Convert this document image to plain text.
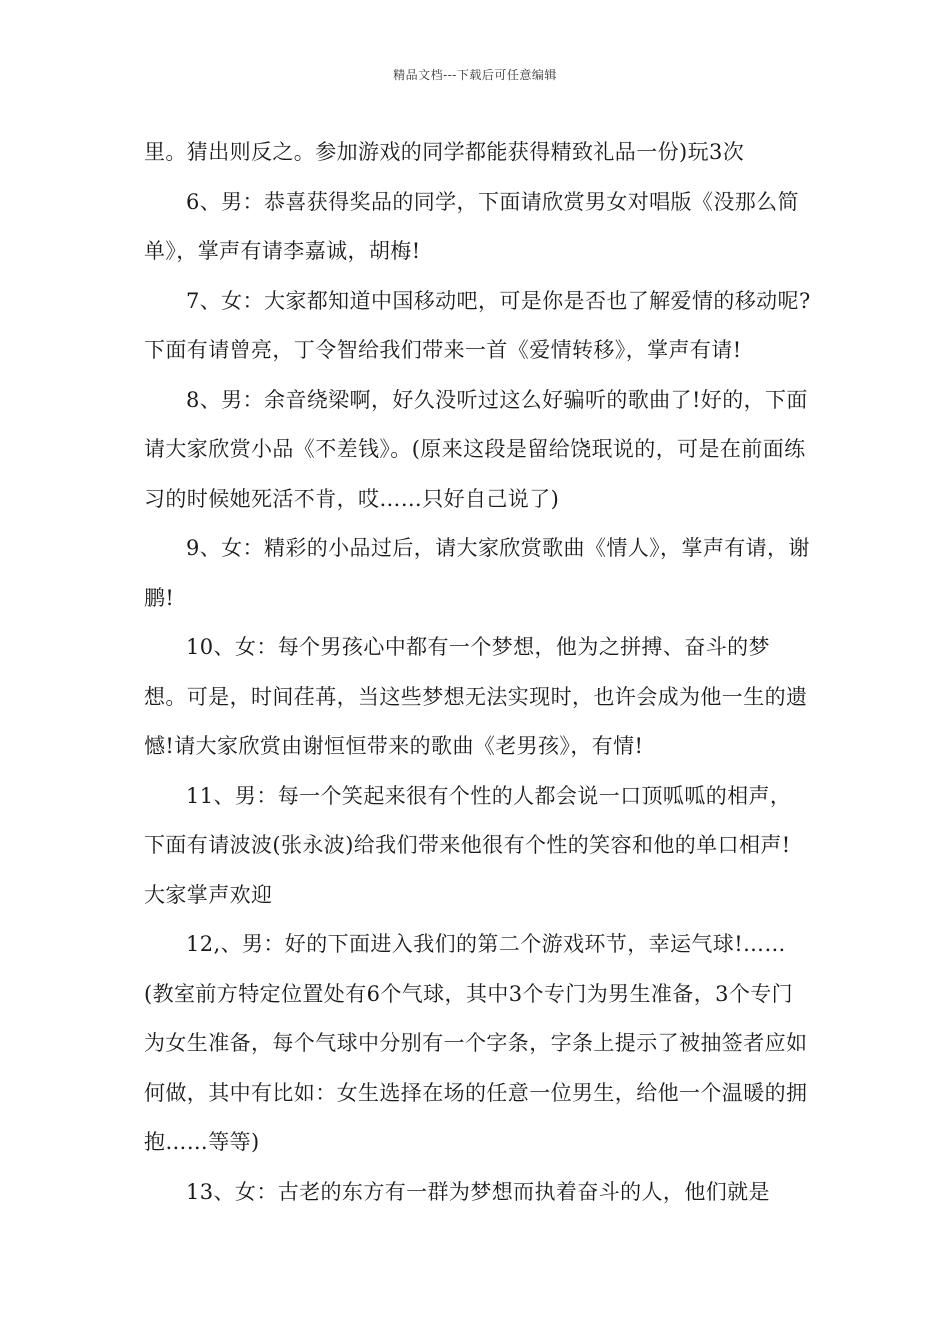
精品文档---下载后可任意编辑

里。猜出则反之。参加游戏的同学都能获得精致礼品一份)玩3次

6、男：恭喜获得奖品的同学，下面请欣赏男女对唱版《没那么简单》，掌声有请李嘉诚，胡梅!

7、女：大家都知道中国移动吧，可是你是否也了解爱情的移动呢?下面有请曾亮，丁令智给我们带来一首《爱情转移》，掌声有请!

8、男：余音绕梁啊，好久没听过这么好骗听的歌曲了!好的，下面请大家欣赏小品《不差钱》。(原来这段是留给饶珉说的，可是在前面练习的时候她死活不肯，哎……只好自己说了)

9、女：精彩的小品过后，请大家欣赏歌曲《情人》，掌声有请，谢鹏!

10、女：每个男孩心中都有一个梦想，他为之拼搏、奋斗的梦想。可是，时间荏苒，当这些梦想无法实现时，也许会成为他一生的遗憾!请大家欣赏由谢恒恒带来的歌曲《老男孩》，有情!

11、男：每一个笑起来很有个性的人都会说一口顶呱呱的相声，下面有请波波(张永波)给我们带来他很有个性的笑容和他的单口相声!大家掌声欢迎

12,、男：好的下面进入我们的第二个游戏环节，幸运气球!……(教室前方特定位置处有6个气球，其中3个专门为男生准备，3个专门为女生准备，每个气球中分别有一个字条，字条上提示了被抽签者应如何做，其中有比如：女生选择在场的任意一位男生，给他一个温暖的拥抱……等等)

13、女：古老的东方有一群为梦想而执着奋斗的人，他们就是
